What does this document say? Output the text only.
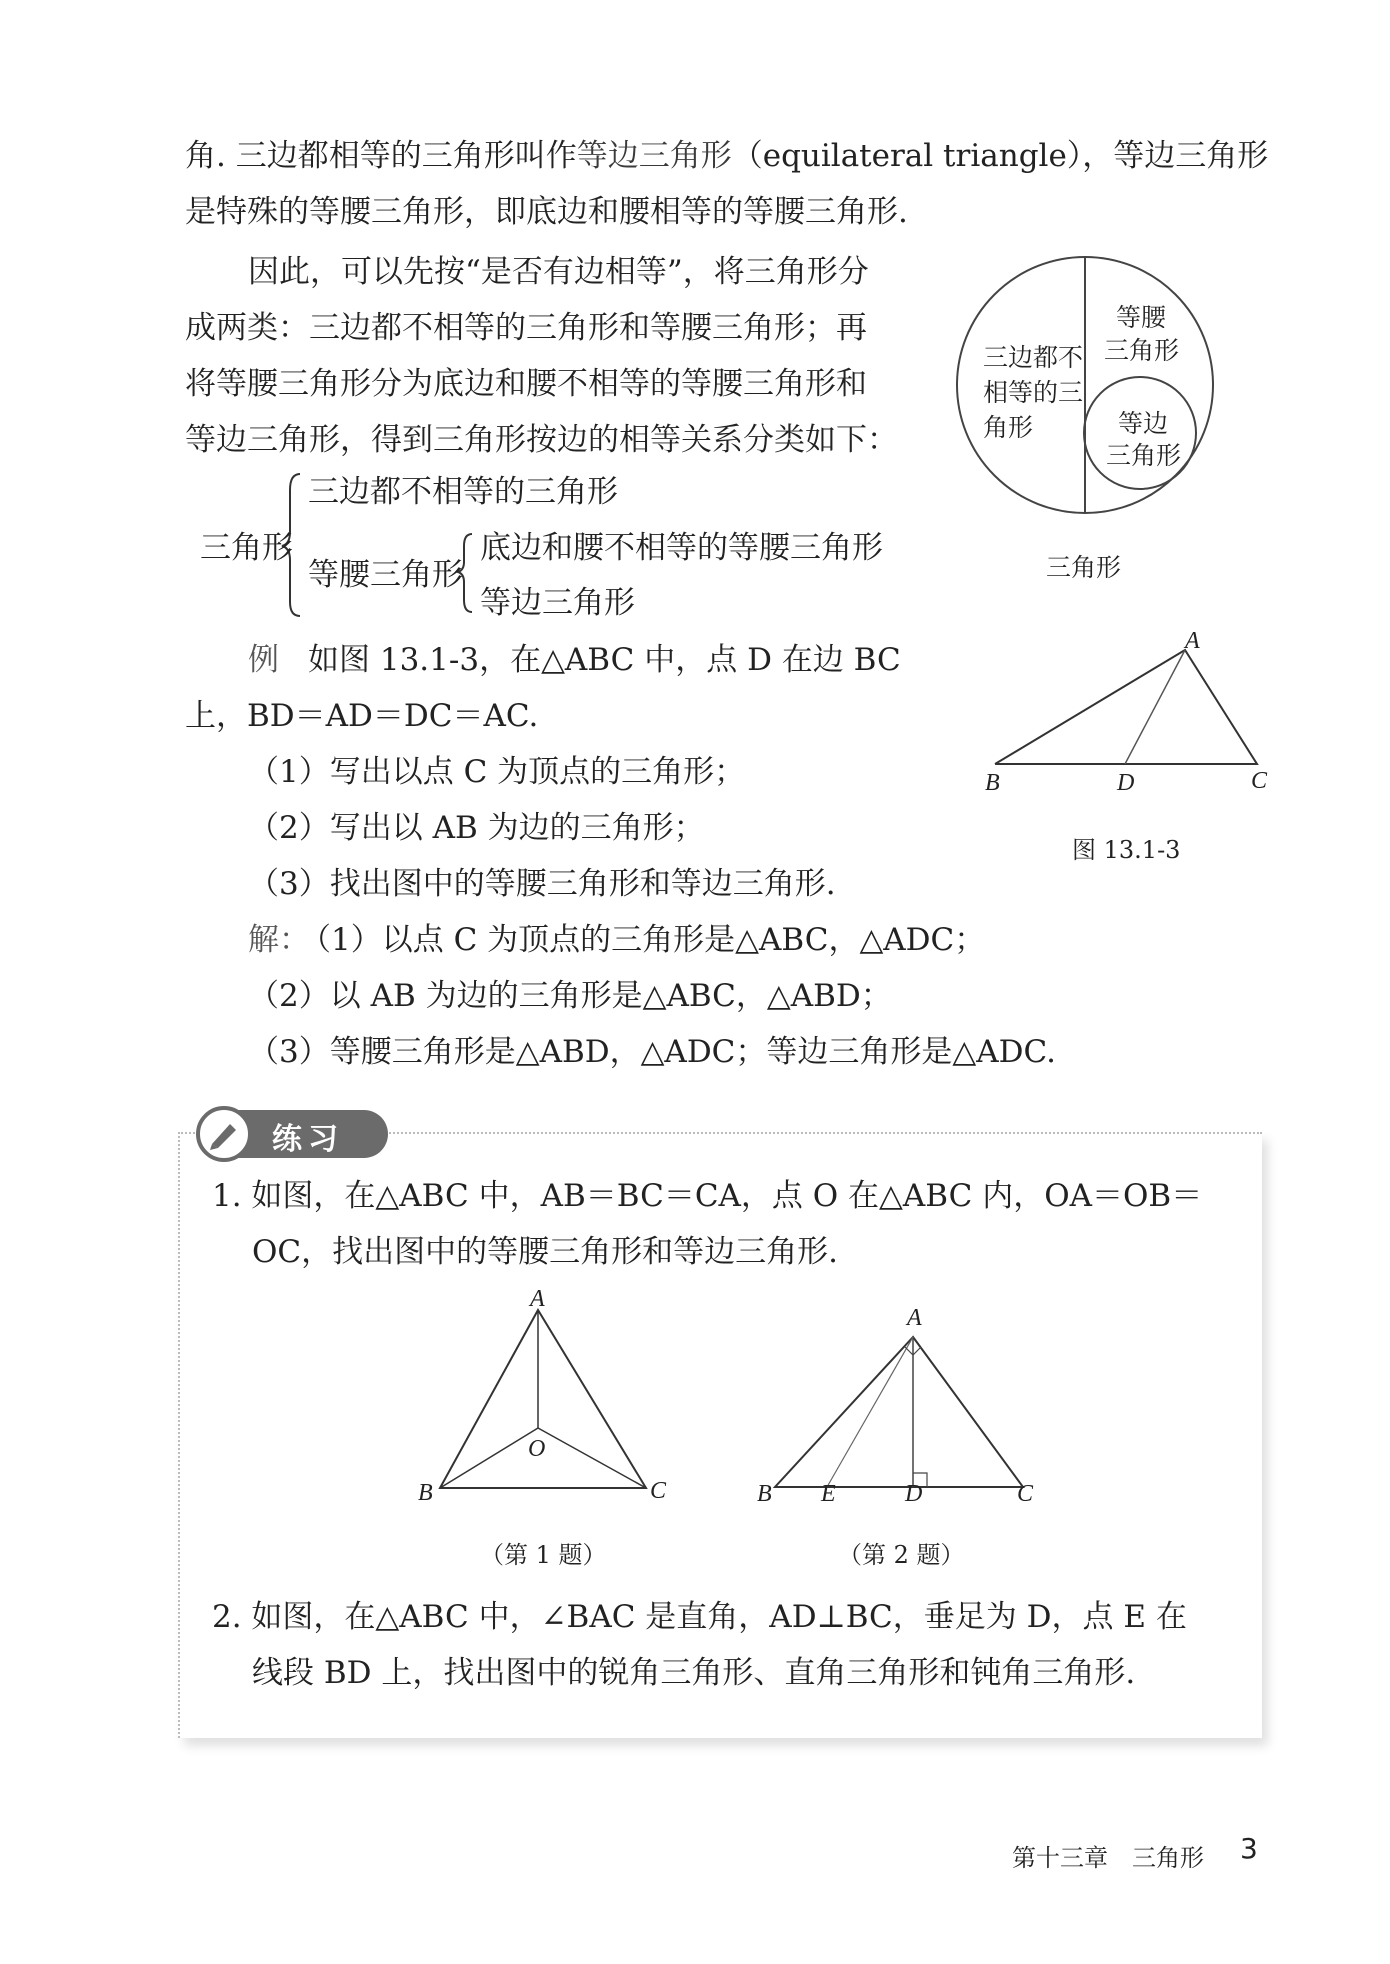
角. 三边都相等的三角形叫作等边三角形（equilateral triangle），等边三角形
是特殊的等腰三角形，即底边和腰相等的等腰三角形.
因此，可以先按“是否有边相等”，将三角形分
成两类：三边都不相等的三角形和等腰三角形；再
将等腰三角形分为底边和腰不相等的等腰三角形和
等边三角形，得到三角形按边的相等关系分类如下：
三边都不
相等的三
角形
等腰
三角形
等边
三角形
三角形
三角形
三边都不相等的三角形
等腰三角形
底边和腰不相等的等腰三角形
等边三角形
例 如图 13.1-3，在△ABC 中，点 D 在边 BC
上，BD＝AD＝DC＝AC.
（1）写出以点 C 为顶点的三角形；
（2）写出以 AB 为边的三角形；
（3）找出图中的等腰三角形和等边三角形.
解：
（1）以点 C 为顶点的三角形是△ABC，△ADC；
（2）以 AB 为边的三角形是△ABC，△ABD；
（3）等腰三角形是△ABD，△ADC；等边三角形是△ADC.
A
B	D	C
图 13.1-3
练习
1. 如图，在△ABC 中，AB＝BC＝CA，点 O 在△ABC 内，OA＝OB＝
OC，找出图中的等腰三角形和等边三角形.
A
B	C
O
（第 1 题）
A
B E	D	C
（第 2 题）
2. 如图，在△ABC 中，∠BAC 是直角，AD⊥BC，垂足为 D，点 E 在
线段 BD 上，找出图中的锐角三角形、直角三角形和钝角三角形.
第十三章　三角形 3
